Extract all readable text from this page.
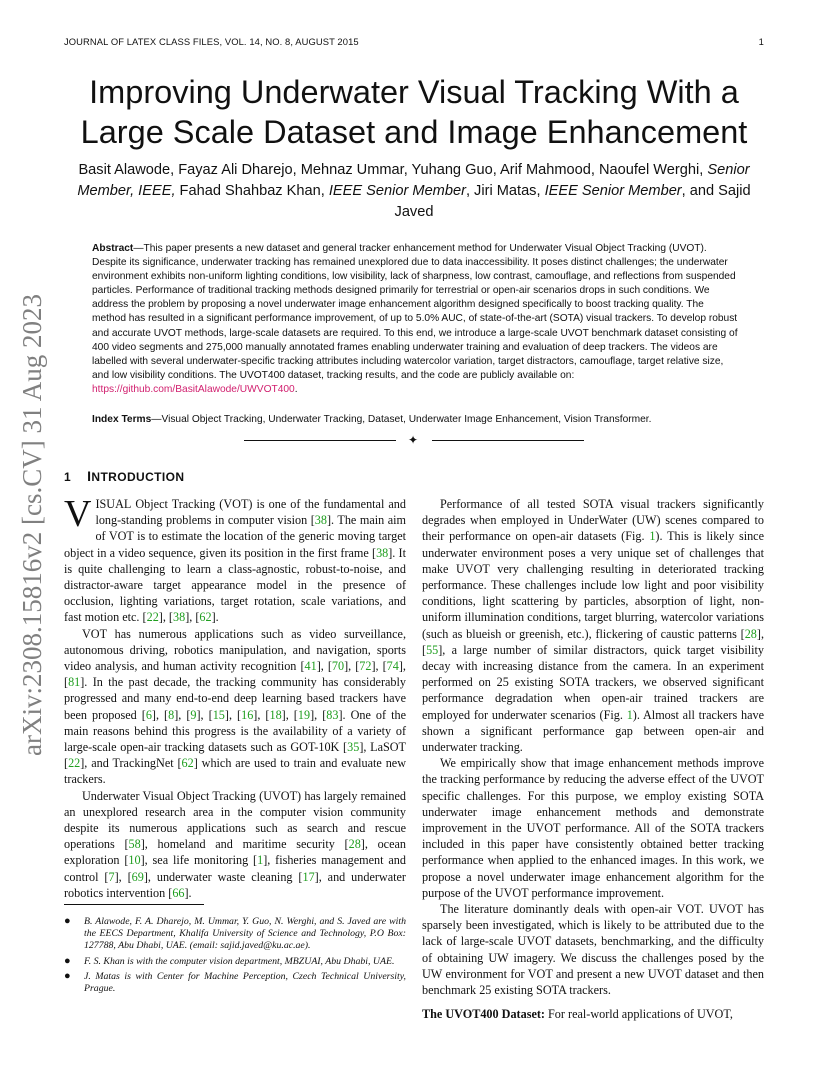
JOURNAL OF LATEX CLASS FILES, VOL. 14, NO. 8, AUGUST 2015	1
arXiv:2308.15816v2 [cs.CV] 31 Aug 2023
Improving Underwater Visual Tracking With a
Large Scale Dataset and Image Enhancement
Basit Alawode, Fayaz Ali Dharejo, Mehnaz Ummar, Yuhang Guo, Arif Mahmood, Naoufel Werghi, Senior Member, IEEE, Fahad Shahbaz Khan, IEEE Senior Member, Jiri Matas, IEEE Senior Member, and Sajid Javed
Abstract—This paper presents a new dataset and general tracker enhancement method for Underwater Visual Object Tracking (UVOT). Despite its significance, underwater tracking has remained unexplored due to data inaccessibility. It poses distinct challenges; the underwater environment exhibits non-uniform lighting conditions, low visibility, lack of sharpness, low contrast, camouflage, and reflections from suspended particles. Performance of traditional tracking methods designed primarily for terrestrial or open-air scenarios drops in such conditions. We address the problem by proposing a novel underwater image enhancement algorithm designed specifically to boost tracking quality. The method has resulted in a significant performance improvement, of up to 5.0% AUC, of state-of-the-art (SOTA) visual trackers. To develop robust and accurate UVOT methods, large-scale datasets are required. To this end, we introduce a large-scale UVOT benchmark dataset consisting of 400 video segments and 275,000 manually annotated frames enabling underwater training and evaluation of deep trackers. The videos are labelled with several underwater-specific tracking attributes including watercolor variation, target distractors, camouflage, target relative size, and low visibility conditions. The UVOT400 dataset, tracking results, and the code are publicly available on: https://github.com/BasitAlawode/UWVOT400.
Index Terms—Visual Object Tracking, Underwater Tracking, Dataset, Underwater Image Enhancement, Vision Transformer.
✦
1 INTRODUCTION

VISUAL Object Tracking (VOT) is one of the fundamental and long-standing problems in computer vision [38]. The main aim of VOT is to estimate the location of the generic moving target object in a video sequence, given its position in the first frame [38]. It is quite challenging to learn a class-agnostic, robust-to-noise, and distractor-aware target appearance model in the presence of occlusion, lighting variations, target rotation, scale variations, and fast motion etc. [22], [38], [62].

VOT has numerous applications such as video surveillance, autonomous driving, robotics manipulation, and navigation, sports video analysis, and human activity recognition [41], [70], [72], [74], [81]. In the past decade, the tracking community has considerably progressed and many end-to-end deep learning based trackers have been proposed [6], [8], [9], [15], [16], [18], [19], [83]. One of the main reasons behind this progress is the availability of a variety of large-scale open-air tracking datasets such as GOT-10K [35], LaSOT [22], and TrackingNet [62] which are used to train and evaluate new trackers.

Underwater Visual Object Tracking (UVOT) has largely remained an unexplored research area in the computer vision community despite its numerous applications such as search and rescue operations [58], homeland and maritime security [28], ocean exploration [10], sea life monitoring [1], fisheries management and control [7], [69], underwater waste cleaning [17], and underwater robotics intervention [66].

● B. Alawode, F. A. Dharejo, M. Ummar, Y. Guo, N. Werghi, and S. Javed are with the EECS Department, Khalifa University of Science and Technology, P.O Box: 127788, Abu Dhabi, UAE. (email: sajid.javed@ku.ac.ae).
● F. S. Khan is with the computer vision department, MBZUAI, Abu Dhabi, UAE.
● J. Matas is with Center for Machine Perception, Czech Technical University, Prague.

Performance of all tested SOTA visual trackers significantly degrades when employed in UnderWater (UW) scenes compared to their performance on open-air datasets (Fig. 1). This is likely since underwater environment poses a very unique set of challenges that make UVOT very challenging resulting in deteriorated tracking performance. These challenges include low light and poor visibility conditions, light scattering by particles, absorption of light, non-uniform illumination conditions, target blurring, watercolor variations (such as blueish or greenish, etc.), flickering of caustic patterns [28], [55], a large number of similar distractors, quick target visibility decay with increasing distance from the camera. In an experiment performed on 25 existing SOTA trackers, we observed significant performance degradation when open-air trained trackers are employed for underwater scenarios (Fig. 1). Almost all trackers have shown a significant performance gap between open-air and underwater tracking.

We empirically show that image enhancement methods improve the tracking performance by reducing the adverse effect of the UVOT specific challenges. For this purpose, we employ existing SOTA underwater image enhancement methods and demonstrate improvement in the UVOT performance. All of the SOTA trackers included in this paper have consistently obtained better tracking performance when applied to the enhanced images. In this work, we propose a novel underwater image enhancement algorithm for the purpose of the UVOT performance improvement.

The literature dominantly deals with open-air VOT. UVOT has sparsely been investigated, which is likely to be attributed due to the lack of large-scale UVOT datasets, benchmarking, and the difficulty of obtaining UW imagery. We discuss the challenges posed by the UW environment for VOT and present a new UVOT dataset and then benchmark 25 existing SOTA trackers.

The UVOT400 Dataset: For real-world applications of UVOT,
